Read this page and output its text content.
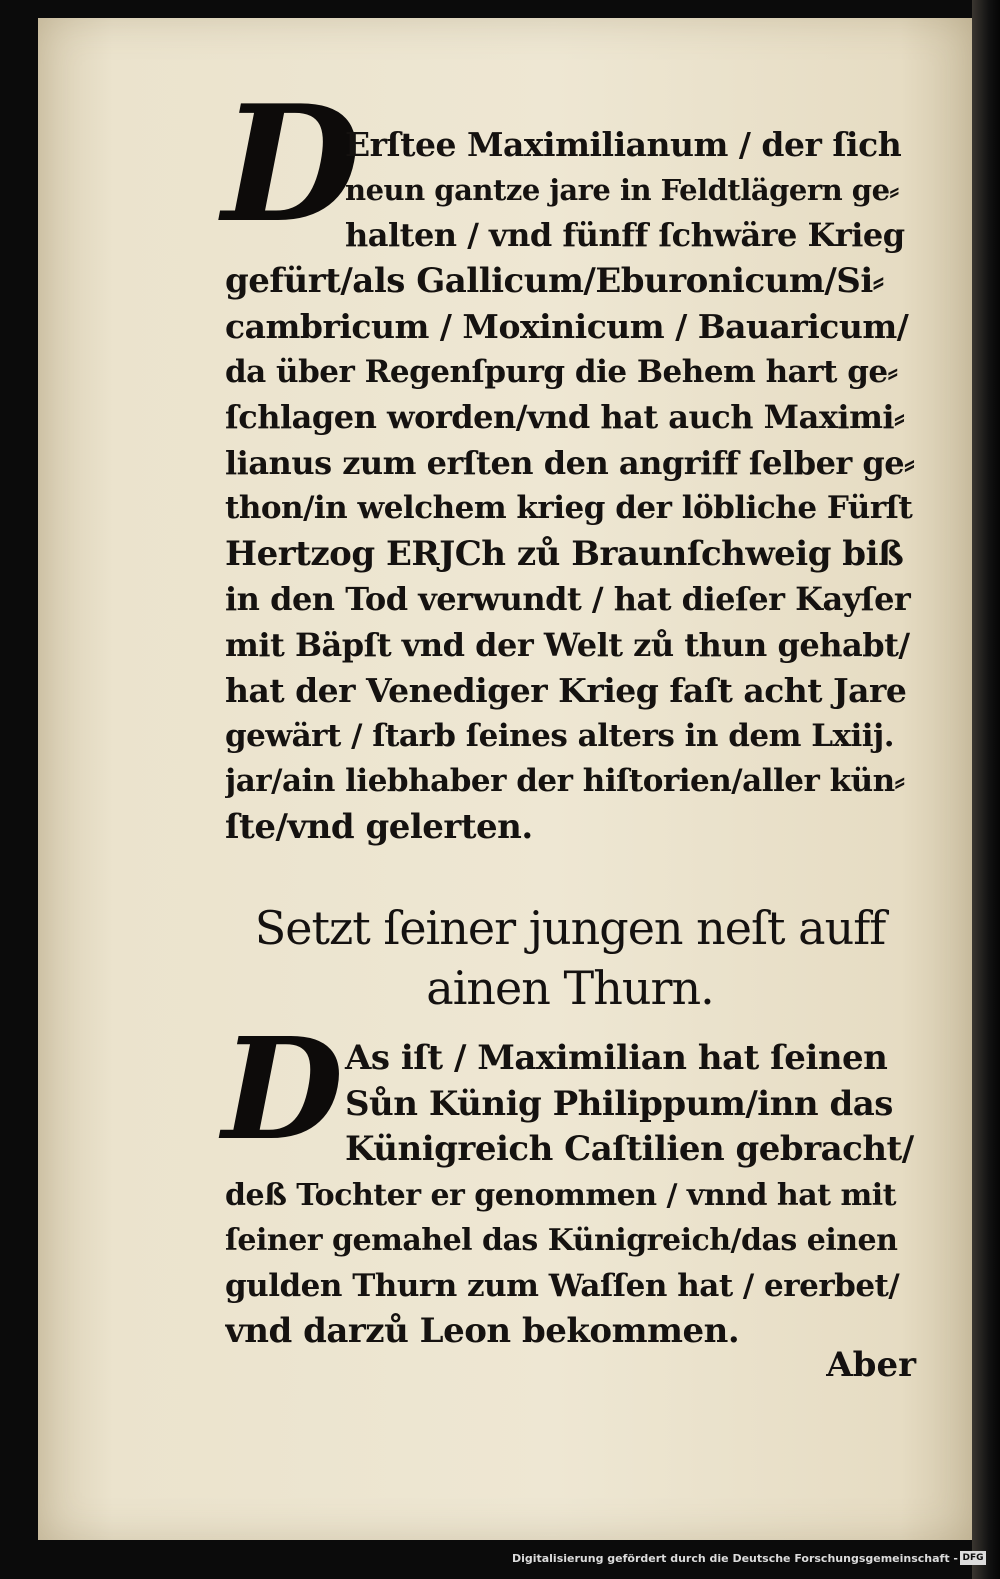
D
Erſtee Maximilianum / der ſich
neun gantze jare in Feldtlägern ge⸗
halten / vnd fünff ſchwäre Krieg
gefürt/als Gallicum/Eburonicum/Si⸗
cambricum / Moxinicum / Bauaricum/
da über Regenſpurg die Behem hart ge⸗
ſchlagen worden/vnd hat auch Maximi⸗
lianus zum erſten den angriff ſelber ge⸗
thon/in welchem krieg der löbliche Fürſt
Hertzog ERJCh zů Braunſchweig biß
in den Tod verwundt / hat dieſer Kayſer
mit Bäpſt vnd der Welt zů thun gehabt/
hat der Venediger Krieg faſt acht Jare
gewärt / ſtarb ſeines alters in dem Lxiij.
jar/ain liebhaber der hiſtorien/aller kün⸗
ſte/vnd gelerten.
Setzt ſeiner jungen neſt auff
ainen Thurn.
D As iſt / Maximilian hat ſeinen
Sůn Künig Philippum/inn das
Künigreich Caſtilien gebracht/
deß Tochter er genommen / vnnd hat mit
ſeiner gemahel das Künigreich/das einen
gulden Thurn zum Waſſen hat / ererbet/
vnd darzů Leon bekommen.
Aber
Digitalisierung gefördert durch die Deutsche Forschungsgemeinschaft - DFG
